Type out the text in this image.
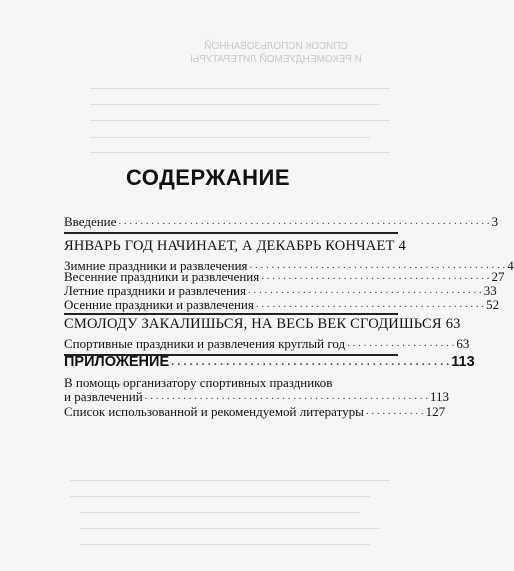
СПИСОК ИСПОЛЬЗОВАННОЙ
И РЕКОМЕНДУЕМОЙ ЛИТЕРАТУРЫ
СОДЕРЖАНИЕ
Введение . . . . . . . . . . . . . . . . . . . . . . . . . . . . . . . . . . . . . . . . . . . . . . . . . . . . . . . . . . . . . . . . . . . . 3
ЯНВАРЬ ГОД НАЧИНАЕТ, А ДЕКАБРЬ КОНЧАЕТ 4
Зимние праздники и развлечения . . . . . . . . . . . . . . . . . . . . . . . . . . . . . . . . . . . . . . . . . . . . . . . 4
Весенние праздники и развлечения . . . . . . . . . . . . . . . . . . . . . . . . . . . . . . . . . . . . . . . . . . 27
Летние праздники и развлечения . . . . . . . . . . . . . . . . . . . . . . . . . . . . . . . . . . . . . . . . . . . 33
Осенние праздники и развлечения . . . . . . . . . . . . . . . . . . . . . . . . . . . . . . . . . . . . . . . . . . 52
СМОЛОДУ ЗАКАЛИШЬСЯ, НА ВЕСЬ ВЕК СГОДИШЬСЯ 63
Спортивные праздники и развлечения круглый год . . . . . . . . . . . . . . . . . . . . 63
ПРИЛОЖЕНИЕ . . . . . . . . . . . . . . . . . . . . . . . . . . . . . . . . . . . . . . . . . . . . . . 113
В помощь организатору спортивных праздников
и развлечений . . . . . . . . . . . . . . . . . . . . . . . . . . . . . . . . . . . . . . . . . . . . . . . . . . . . 113
Список использованной и рекомендуемой литературы . . . . . . . . . . . 127
